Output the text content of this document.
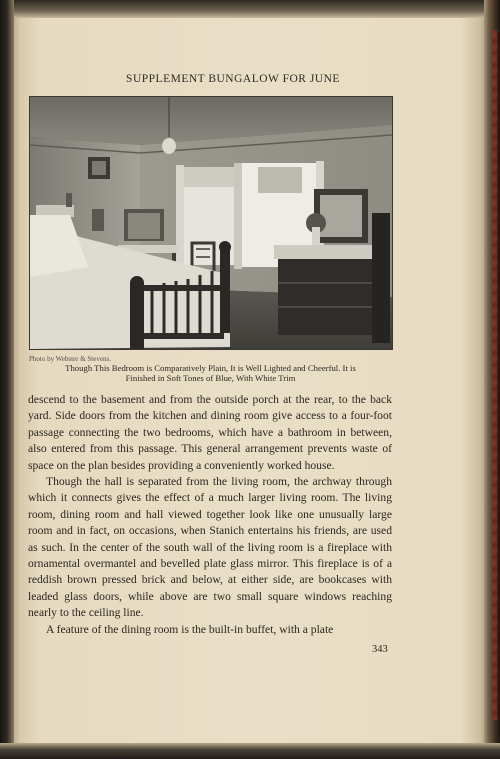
SUPPLEMENT BUNGALOW FOR JUNE
Photo by Webster & Stevens.
Though This Bedroom is Comparatively Plain, It is Well Lighted and Cheerful. It is
Finished in Soft Tones of Blue, With White Trim

descend to the basement and from the outside porch at the rear, to the back yard. Side doors from the kitchen and dining room give access to a four-foot passage connecting the two bedrooms, which have a bathroom in between, also entered from this passage. This general arrangement prevents waste of space on the plan besides providing a conveniently worked house.

Though the hall is separated from the living room, the archway through which it connects gives the effect of a much larger living room. The living room, dining room and hall viewed together look like one unusually large room and in fact, on occasions, when Stanich entertains his friends, are used as such. In the center of the south wall of the living room is a fireplace with ornamental overmantel and bevelled plate glass mirror. This fireplace is of a reddish brown pressed brick and below, at either side, are bookcases with leaded glass doors, while above are two small square windows reaching nearly to the ceiling line.

A feature of the dining room is the built-in buffet, with a plate

343
